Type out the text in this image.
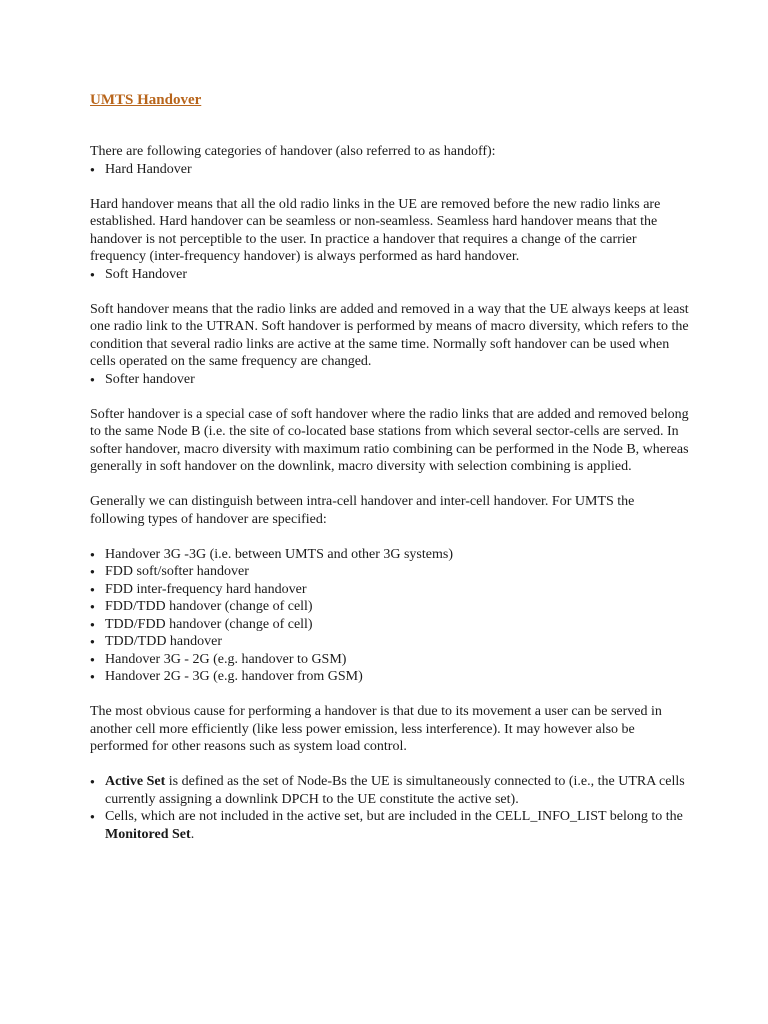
UMTS Handover

There are following categories of handover (also referred to as handoff):

● Hard Handover

Hard handover means that all the old radio links in the UE are removed before the new radio links are established. Hard handover can be seamless or non-seamless. Seamless hard handover means that the handover is not perceptible to the user. In practice a handover that requires a change of the carrier frequency (inter-frequency handover) is always performed as hard handover.

● Soft Handover

Soft handover means that the radio links are added and removed in a way that the UE always keeps at least one radio link to the UTRAN. Soft handover is performed by means of macro diversity, which refers to the condition that several radio links are active at the same time. Normally soft handover can be used when cells operated on the same frequency are changed.

● Softer handover

Softer handover is a special case of soft handover where the radio links that are added and removed belong to the same Node B (i.e. the site of co-located base stations from which several sector-cells are served. In softer handover, macro diversity with maximum ratio combining can be performed in the Node B, whereas generally in soft handover on the downlink, macro diversity with selection combining is applied.

Generally we can distinguish between intra-cell handover and inter-cell handover. For UMTS the following types of handover are specified:

● Handover 3G -3G (i.e. between UMTS and other 3G systems)
● FDD soft/softer handover
● FDD inter-frequency hard handover
● FDD/TDD handover (change of cell)
● TDD/FDD handover (change of cell)
● TDD/TDD handover
● Handover 3G - 2G (e.g. handover to GSM)
● Handover 2G - 3G (e.g. handover from GSM)

The most obvious cause for performing a handover is that due to its movement a user can be served in another cell more efficiently (like less power emission, less interference). It may however also be performed for other reasons such as system load control.

● Active Set is defined as the set of Node-Bs the UE is simultaneously connected to (i.e., the UTRA cells currently assigning a downlink DPCH to the UE constitute the active set).

● Cells, which are not included in the active set, but are included in the CELL_INFO_LIST belong to the Monitored Set.
